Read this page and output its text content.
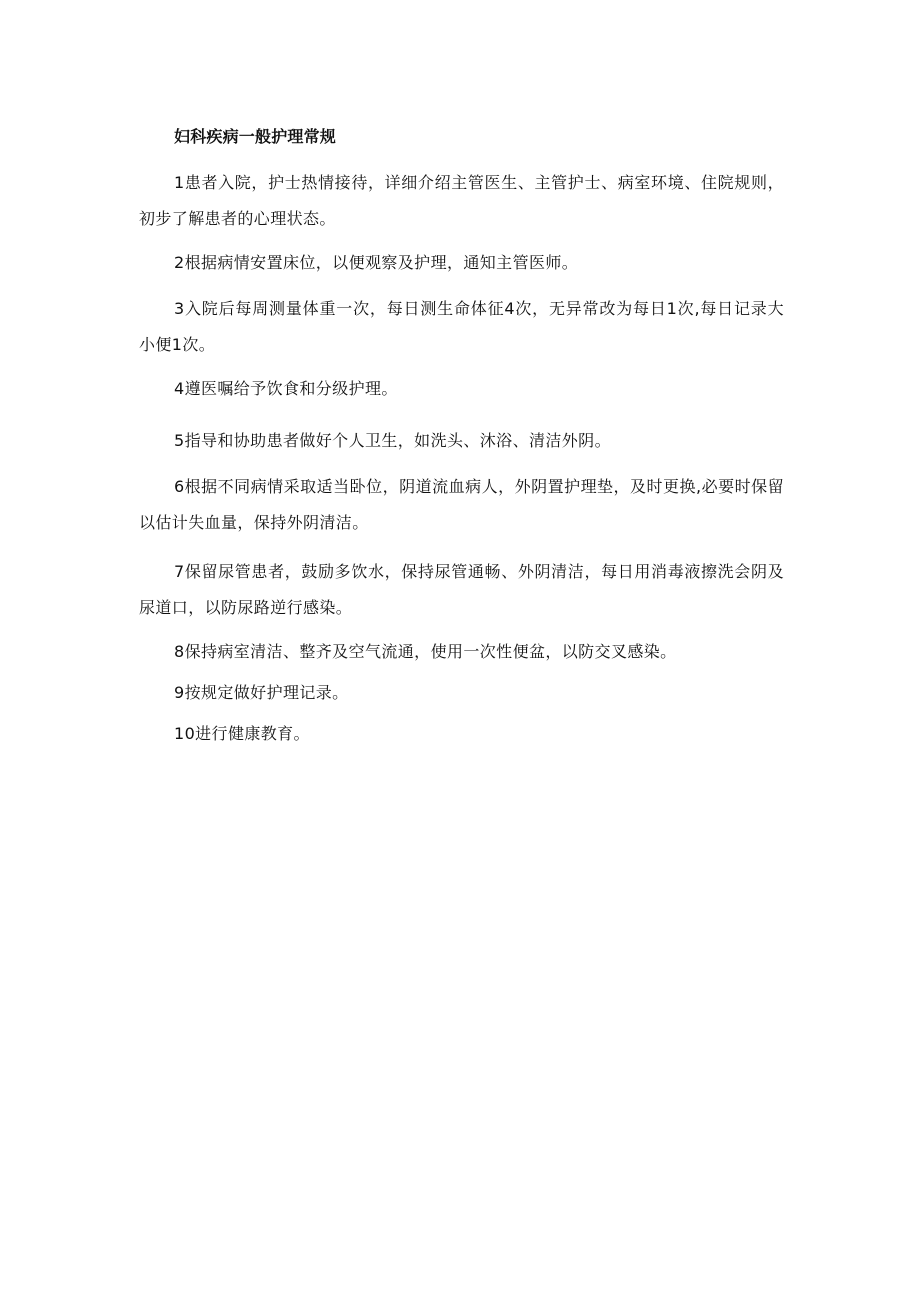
妇科疾病一般护理常规

1患者入院，护士热情接待，详细介绍主管医生、主管护士、病室环境、住院规则，初步了解患者的心理状态。

2根据病情安置床位，以便观察及护理，通知主管医师。

3入院后每周测量体重一次，每日测生命体征4次，无异常改为每日1次,每日记录大小便1次。

4遵医嘱给予饮食和分级护理。

5指导和协助患者做好个人卫生，如洗头、沐浴、清洁外阴。

6根据不同病情采取适当卧位，阴道流血病人，外阴置护理垫，及时更换,必要时保留以估计失血量，保持外阴清洁。

7保留尿管患者，鼓励多饮水，保持尿管通畅、外阴清洁，每日用消毒液擦洗会阴及尿道口，以防尿路逆行感染。

8保持病室清洁、整齐及空气流通，使用一次性便盆，以防交叉感染。

9按规定做好护理记录。

10进行健康教育。
